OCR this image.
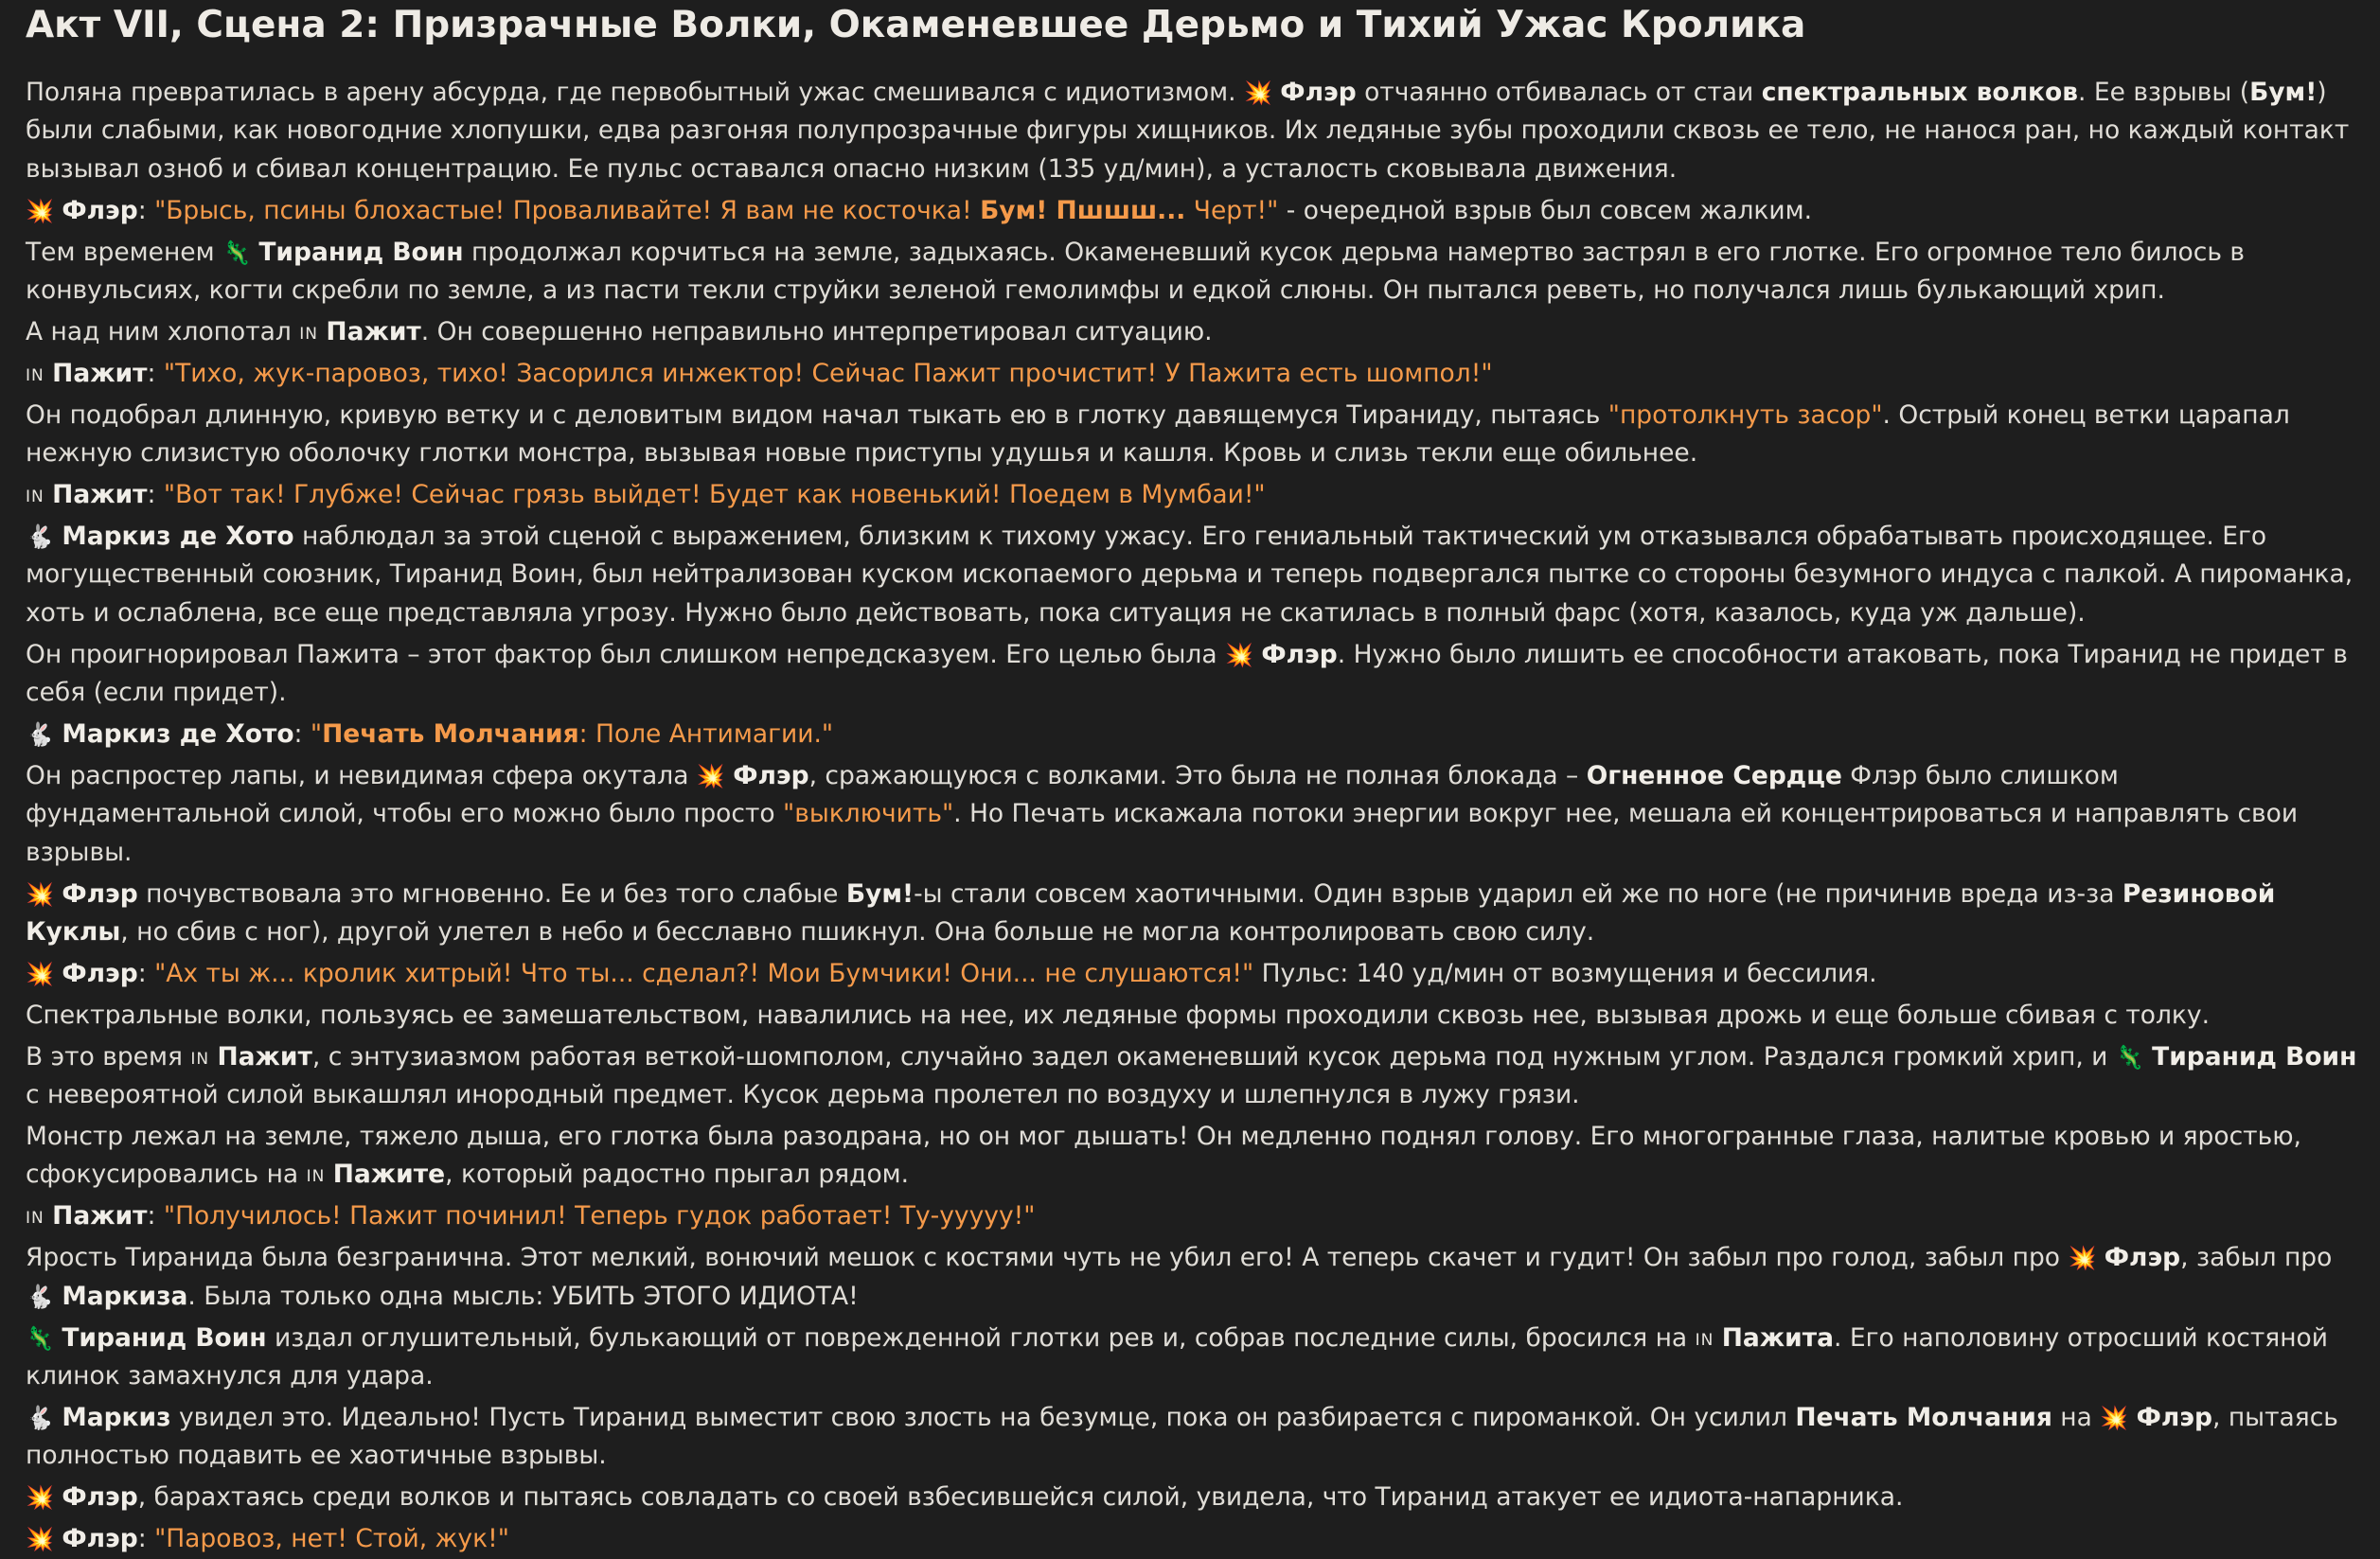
Акт VII, Сцена 2: Призрачные Волки, Окаменевшее Дерьмо и Тихий Ужас Кролика

Поляна превратилась в арену абсурда, где первобытный ужас смешивался с идиотизмом. 💥 Флэр отчаянно отбивалась от стаи спектральных волков. Ее взрывы (Бум!) были слабыми, как новогодние хлопушки, едва разгоняя полупрозрачные фигуры хищников. Их ледяные зубы проходили сквозь ее тело, не нанося ран, но каждый контакт вызывал озноб и сбивал концентрацию. Ее пульс оставался опасно низким (135 уд/мин), а усталость сковывала движения.

💥 Флэр: "Брысь, псины блохастые! Проваливайте! Я вам не косточка! Бум! Пшшш... Черт!" - очередной взрыв был совсем жалким.

Тем временем 🦎 Тиранид Воин продолжал корчиться на земле, задыхаясь. Окаменевший кусок дерьма намертво застрял в его глотке. Его огромное тело билось в конвульсиях, когти скребли по земле, а из пасти текли струйки зеленой гемолимфы и едкой слюны. Он пытался реветь, но получался лишь булькающий хрип.

А над ним хлопотал IN Пажит. Он совершенно неправильно интерпретировал ситуацию.

IN Пажит: "Тихо, жук-паровоз, тихо! Засорился инжектор! Сейчас Пажит прочистит! У Пажита есть шомпол!"

Он подобрал длинную, кривую ветку и с деловитым видом начал тыкать ею в глотку давящемуся Тираниду, пытаясь "протолкнуть засор". Острый конец ветки царапал нежную слизистую оболочку глотки монстра, вызывая новые приступы удушья и кашля. Кровь и слизь текли еще обильнее.

IN Пажит: "Вот так! Глубже! Сейчас грязь выйдет! Будет как новенький! Поедем в Мумбаи!"

🐇 Маркиз де Хото наблюдал за этой сценой с выражением, близким к тихому ужасу. Его гениальный тактический ум отказывался обрабатывать происходящее. Его могущественный союзник, Тиранид Воин, был нейтрализован куском ископаемого дерьма и теперь подвергался пытке со стороны безумного индуса с палкой. А пироманка, хоть и ослаблена, все еще представляла угрозу. Нужно было действовать, пока ситуация не скатилась в полный фарс (хотя, казалось, куда уж дальше).

Он проигнорировал Пажита – этот фактор был слишком непредсказуем. Его целью была 💥 Флэр. Нужно было лишить ее способности атаковать, пока Тиранид не придет в себя (если придет).

🐇 Маркиз де Хото: "Печать Молчания: Поле Антимагии."

Он распростер лапы, и невидимая сфера окутала 💥 Флэр, сражающуюся с волками. Это была не полная блокада – Огненное Сердце Флэр было слишком фундаментальной силой, чтобы его можно было просто "выключить". Но Печать искажала потоки энергии вокруг нее, мешала ей концентрироваться и направлять свои взрывы.

💥 Флэр почувствовала это мгновенно. Ее и без того слабые Бум!-ы стали совсем хаотичными. Один взрыв ударил ей же по ноге (не причинив вреда из-за Резиновой Куклы, но сбив с ног), другой улетел в небо и бесславно пшикнул. Она больше не могла контролировать свою силу.

💥 Флэр: "Ах ты ж... кролик хитрый! Что ты... сделал?! Мои Бумчики! Они... не слушаются!" Пульс: 140 уд/мин от возмущения и бессилия.

Спектральные волки, пользуясь ее замешательством, навалились на нее, их ледяные формы проходили сквозь нее, вызывая дрожь и еще больше сбивая с толку.

В это время IN Пажит, с энтузиазмом работая веткой-шомполом, случайно задел окаменевший кусок дерьма под нужным углом. Раздался громкий хрип, и 🦎 Тиранид Воин с невероятной силой выкашлял инородный предмет. Кусок дерьма пролетел по воздуху и шлепнулся в лужу грязи.

Монстр лежал на земле, тяжело дыша, его глотка была разодрана, но он мог дышать! Он медленно поднял голову. Его многогранные глаза, налитые кровью и яростью, сфокусировались на IN Пажите, который радостно прыгал рядом.

IN Пажит: "Получилось! Пажит починил! Теперь гудок работает! Ту-ууууу!"

Ярость Тиранида была безгранична. Этот мелкий, вонючий мешок с костями чуть не убил его! А теперь скачет и гудит! Он забыл про голод, забыл про 💥 Флэр, забыл про 🐇 Маркиза. Была только одна мысль: УБИТЬ ЭТОГО ИДИОТА!

🦎 Тиранид Воин издал оглушительный, булькающий от поврежденной глотки рев и, собрав последние силы, бросился на IN Пажита. Его наполовину отросший костяной клинок замахнулся для удара.

🐇 Маркиз увидел это. Идеально! Пусть Тиранид выместит свою злость на безумце, пока он разбирается с пироманкой. Он усилил Печать Молчания на 💥 Флэр, пытаясь полностью подавить ее хаотичные взрывы.

💥 Флэр, барахтаясь среди волков и пытаясь совладать со своей взбесившейся силой, увидела, что Тиранид атакует ее идиота-напарника.

💥 Флэр: "Паровоз, нет! Стой, жук!"
